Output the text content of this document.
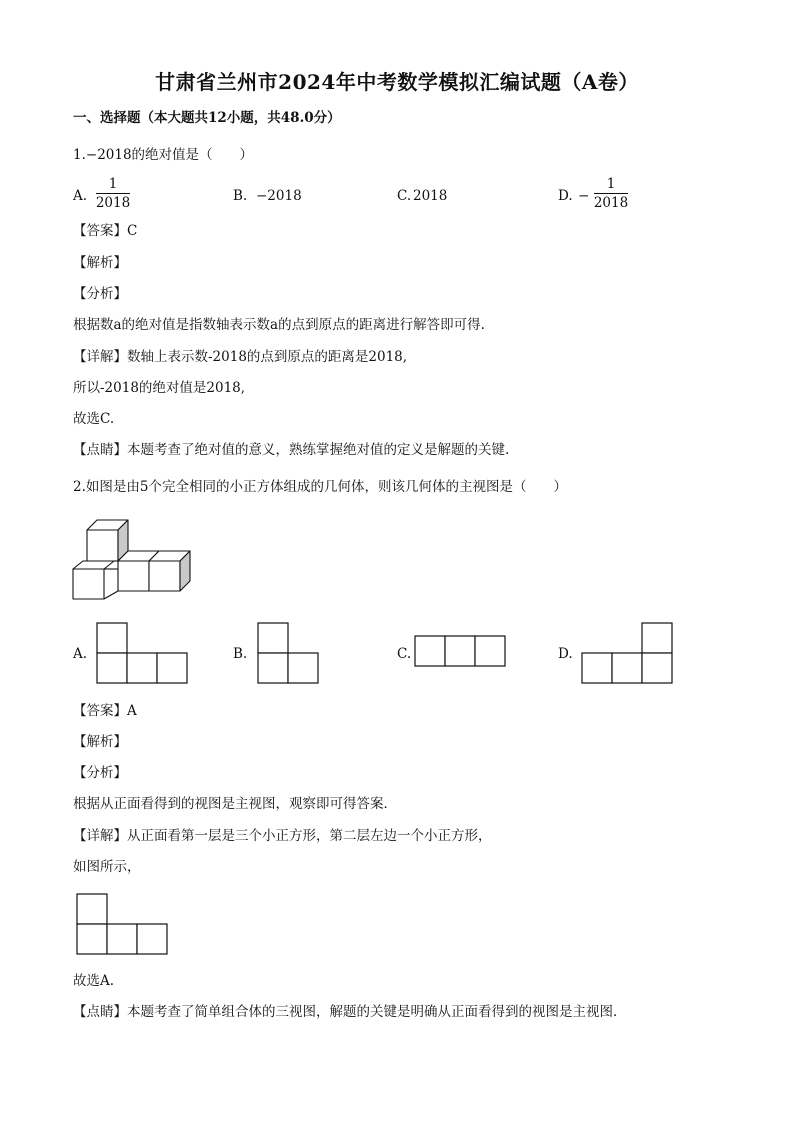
甘肃省兰州市2024年中考数学模拟汇编试题（A卷）
一、选择题（本大题共12小题，共48.0分）
1.−2018的绝对值是（　　）
A.
1
2018	B. −2018	C. 2018	D. −
1
2018
【答案】C
【解析】
【分析】
根据数a的绝对值是指数轴表示数a的点到原点的距离进行解答即可得.
【详解】数轴上表示数-2018的点到原点的距离是2018,
所以-2018的绝对值是2018,
故选C.
【点睛】本题考查了绝对值的意义，熟练掌握绝对值的定义是解题的关键.
2.如图是由5个完全相同的小正方体组成的几何体，则该几何体的主视图是（　　）
A.	B.	C.	D.
【答案】A
【解析】
【分析】
根据从正面看得到的视图是主视图，观察即可得答案．
【详解】从正面看第一层是三个小正方形，第二层左边一个小正方形，
如图所示，
故选A.
【点睛】本题考查了简单组合体的三视图，解题的关键是明确从正面看得到的视图是主视图．
